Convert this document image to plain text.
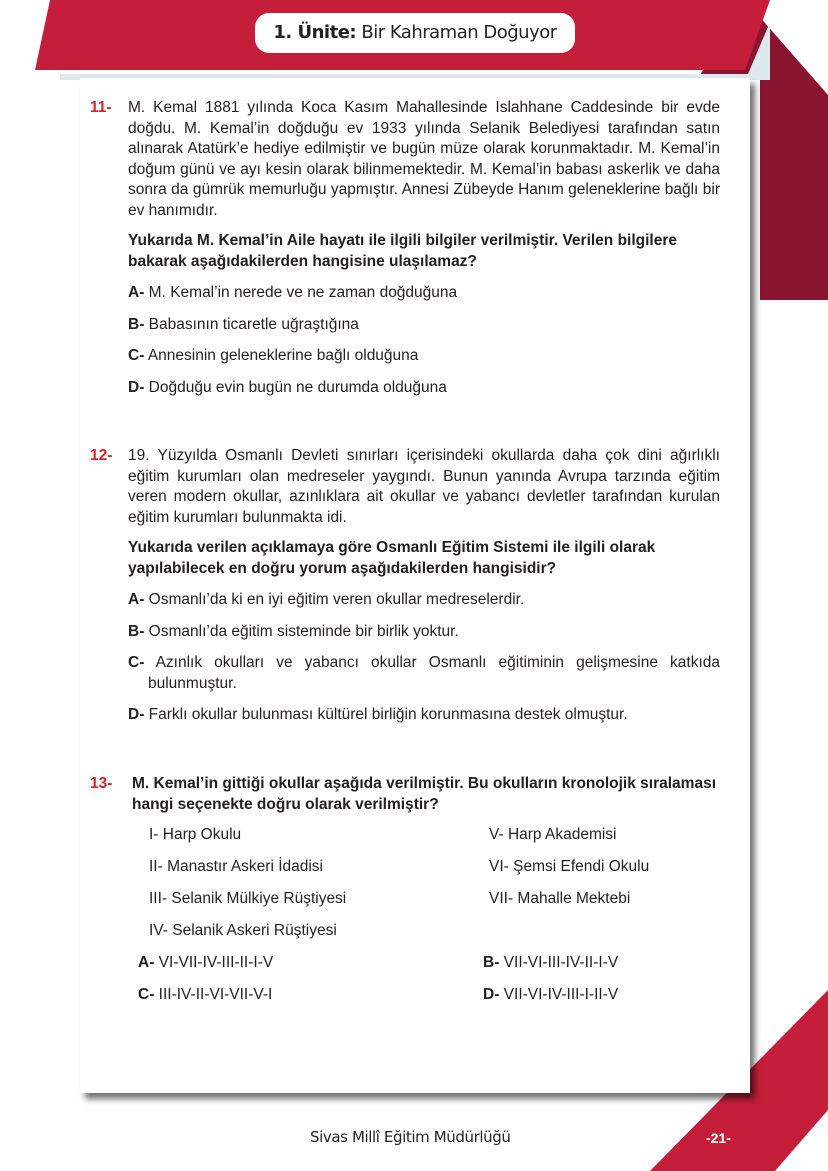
1. Ünite: Bir Kahraman Doğuyor
11- M. Kemal 1881 yılında Koca Kasım Mahallesinde Islahhane Caddesinde bir evde doğdu. M. Kemal’in doğduğu ev 1933 yılında Selanik Belediyesi tarafından satın alınarak Atatürk’e hediye edilmiştir ve bugün müze olarak korunmaktadır. M. Kemal’in doğum günü ve ayı kesin olarak bilinmemektedir. M. Kemal’in babası askerlik ve daha sonra da gümrük memurluğu yapmıştır. Annesi Zübeyde Hanım geleneklerine bağlı bir ev hanımıdır.
Yukarıda M. Kemal’in Aile hayatı ile ilgili bilgiler verilmiştir. Verilen bilgilere bakarak aşağıdakilerden hangisine ulaşılamaz?
A- M. Kemal’in nerede ve ne zaman doğduğuna
B- Babasının ticaretle uğraştığına
C- Annesinin geleneklerine bağlı olduğuna
D- Doğduğu evin bugün ne durumda olduğuna
12- 19. Yüzyılda Osmanlı Devleti sınırları içerisindeki okullarda daha çok dini ağırlıklı eğitim kurumları olan medreseler yaygındı. Bunun yanında Avrupa tarzında eğitim veren modern okullar, azınlıklara ait okullar ve yabancı devletler tarafından kurulan eğitim kurumları bulunmakta idi.
Yukarıda verilen açıklamaya göre Osmanlı Eğitim Sistemi ile ilgili olarak yapılabilecek en doğru yorum aşağıdakilerden hangisidir?
A- Osmanlı’da ki en iyi eğitim veren okullar medreselerdir.
B- Osmanlı’da eğitim sisteminde bir birlik yoktur.
C- Azınlık okulları ve yabancı okullar Osmanlı eğitiminin gelişmesine katkıda bulunmuştur.
D- Farklı okullar bulunması kültürel birliğin korunmasına destek olmuştur.
13- M. Kemal’in gittiği okullar aşağıda verilmiştir. Bu okulların kronolojik sıralaması hangi seçenekte doğru olarak verilmiştir?
I- Harp Okulu
II- Manastır Askeri İdadisi
III- Selanik Mülkiye Rüştiyesi
IV- Selanik Askeri Rüştiyesi
V- Harp Akademisi
VI- Şemsi Efendi Okulu
VII- Mahalle Mektebi
A- VI-VII-IV-III-II-I-V
C- III-IV-II-VI-VII-V-I
B- VII-VI-III-IV-II-I-V
D- VII-VI-IV-III-I-II-V
Sivas Millî Eğitim Müdürlüğü	-21-
